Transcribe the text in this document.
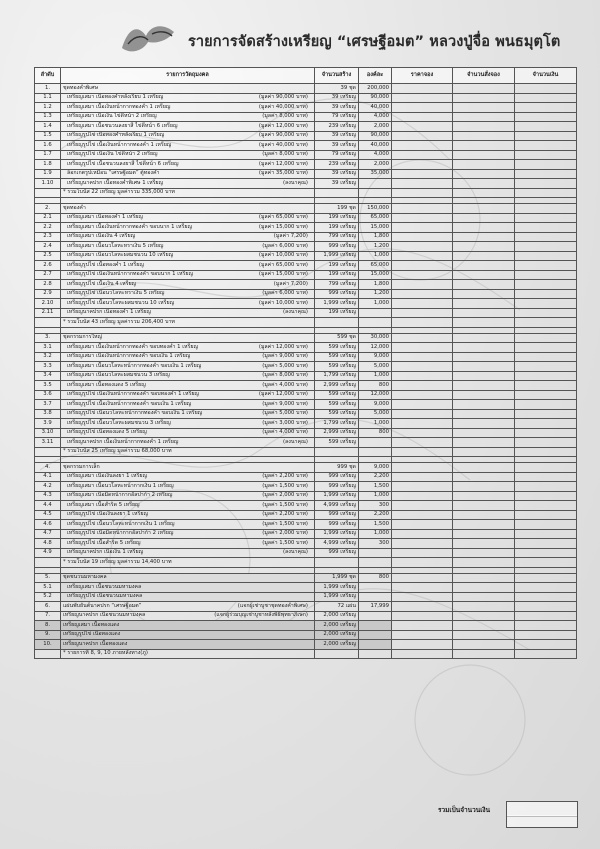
รายการจัดสร้างเหรียญ “เศรษฐีอมต” หลวงปู่จื่อ พนธมุตฺโต
ลำดับ	รายการวัตถุมงคล	จำนวนสร้าง	องค์ละ	ราคาจอง	จำนวนสั่งจอง	จำนวนเงิน
1.	ชุดทองคำพิเศษ	39 ชุด	200,000			
1.1	เหรียญเสมา เนื้อทองคำหลังเรียบ 1 เหรียญ (มูลค่า 90,000 บาท)	39 เหรียญ	90,000			
1.2	เหรียญเสมา เนื้อเงินหน้ากากทองคำ 1 เหรียญ (มูลค่า 40,000 บาท)	39 เหรียญ	40,000			
1.3	เหรียญเสมา เนื้อเงิน ไข่ดีหน้า 2 เหรียญ (มูลค่า 8,000 บาท)	79 เหรียญ	4,000			
1.4	เหรียญเสมา เนื้อชนวนลงยาสี ไข่ดีหน้า 6 เหรียญ (มูลค่า 12,000 บาท)	239 เหรียญ	2,000			
1.5	เหรียญรูปไข่ เนื้อทองคำหลังเรียบ 1 เหรียญ (มูลค่า 90,000 บาท)	39 เหรียญ	90,000			
1.6	เหรียญรูปไข่ เนื้อเงินหน้ากากทองคำ 1 เหรียญ (มูลค่า 40,000 บาท)	39 เหรียญ	40,000			
1.7	เหรียญรูปไข่ เนื้อเงิน ไข่ดีหน้า 2 เหรียญ (มูลค่า 8,000 บาท)	79 เหรียญ	4,000			
1.8	เหรียญรูปไข่ เนื้อชนวนลงยาสี ไข่ดีหน้า 6 เหรียญ (มูลค่า 12,000 บาท)	239 เหรียญ	2,000			
1.9	ล็อกเกตรูปเหมือน “เศรษฐีอมต” ตู้ทองคำ (มูลค่า 35,000 บาท)	39 เหรียญ	35,000			
1.10	เหรียญนาคปรก เนื้อทองคำพิเศษ 1 เหรียญ (ลงนาคุณ)	39 เหรียญ				

	* รวมโบนัส 22 เหรียญ มูลค่ารวม 335,000 บาท					

2.	ชุดทองคำ	199 ชุด	150,000			
2.1	เหรียญเสมา เนื้อทองคำ 1 เหรียญ (มูลค่า 65,000 บาท)	199 เหรียญ	65,000			
2.2	เหรียญเสมา เนื้อเงินหน้ากากทองคำ ขอบนาก 1 เหรียญ (มูลค่า 15,000 บาท)	199 เหรียญ	15,000			
2.3	เหรียญเสมา เนื้อเงิน 4 เหรียญ (มูลค่า 7,200)	799 เหรียญ	1,800			
2.4	เหรียญเสมา เนื้อนวโลหะหราเงิน 5 เหรียญ (มูลค่า 6,000 บาท)	999 เหรียญ	1,200			
2.5	เหรียญเสมา เนื้อนวโลหะผสมชนวน 10 เหรียญ (มูลค่า 10,000 บาท)	1,999 เหรียญ	1,000			
2.6	เหรียญรูปไข่ เนื้อทองคำ 1 เหรียญ (มูลค่า 65,000 บาท)	199 เหรียญ	65,000			
2.7	เหรียญรูปไข่ เนื้อเงินหน้ากากทองคำ ขอบนาก 1 เหรียญ (มูลค่า 15,000 บาท)	199 เหรียญ	15,000			
2.8	เหรียญรูปไข่ เนื้อเงิน 4 เหรียญ (มูลค่า 7,200)	799 เหรียญ	1,800			
2.9	เหรียญรูปไข่ เนื้อนวโลหะหราเงิน 5 เหรียญ (มูลค่า 6,000 บาท)	999 เหรียญ	1,200			
2.10	เหรียญรูปไข่ เนื้อนวโลหะผสมชนวน 10 เหรียญ (มูลค่า 10,000 บาท)	1,999 เหรียญ	1,000			
2.11	เหรียญนาคปรก เนื้อทองคำ 1 เหรียญ (ลงนาคุณ)	199 เหรียญ				

	* รวมโบนัส 43 เหรียญ มูลค่ารวม 206,400 บาท					

3.	ชุดกรรมการใหญ่	599 ชุด	30,000			
3.1	เหรียญเสมา เนื้อเงินหน้ากากทองคำ ขอบทองคำ 1 เหรียญ (มูลค่า 12,000 บาท)	599 เหรียญ	12,000			
3.2	เหรียญเสมา เนื้อเงินหน้ากากทองคำ ขอบเงิน 1 เหรียญ (มูลค่า 9,000 บาท)	599 เหรียญ	9,000			
3.3	เหรียญเสมา เนื้อนวโลหะหน้ากากทองคำ ขอบเงิน 1 เหรียญ (มูลค่า 5,000 บาท)	599 เหรียญ	5,000			
3.4	เหรียญเสมา เนื้อนวโลหะผสมชนวน 3 เหรียญ (มูลค่า 8,000 บาท)	1,799 เหรียญ	1,000			
3.5	เหรียญเสมา เนื้อทองแดง 5 เหรียญ (มูลค่า 4,000 บาท)	2,999 เหรียญ	800			
3.6	เหรียญรูปไข่ เนื้อเงินหน้ากากทองคำ ขอบทองคำ 1 เหรียญ (มูลค่า 12,000 บาท)	599 เหรียญ	12,000			
3.7	เหรียญรูปไข่ เนื้อเงินหน้ากากทองคำ ขอบเงิน 1 เหรียญ (มูลค่า 9,000 บาท)	599 เหรียญ	9,000			
3.8	เหรียญรูปไข่ เนื้อนวโลหะหน้ากากทองคำ ขอบเงิน 1 เหรียญ (มูลค่า 5,000 บาท)	599 เหรียญ	5,000			
3.9	เหรียญรูปไข่ เนื้อนวโลหะผสมชนวน 3 เหรียญ (มูลค่า 3,000 บาท)	1,799 เหรียญ	1,000			
3.10	เหรียญรูปไข่ เนื้อทองแดง 5 เหรียญ (มูลค่า 4,000 บาท)	2,999 เหรียญ	800			
3.11	เหรียญนาคปรก เนื้อเงินหน้ากากทองคำ 1 เหรียญ (ลงนาคุณ)	599 เหรียญ				

	* รวมโบนัส 25 เหรียญ มูลค่ารวม 68,000 บาท					

4.	ชุดกรรมการเล็ก	999 ชุด	9,000			
4.1	เหรียญเสมา เนื้อเงินลงยา 1 เหรียญ (มูลค่า 2,200 บาท)	999 เหรียญ	2,200			
4.2	เหรียญเสมา เนื้อนวโลหะหน้ากากเงิน 1 เหรียญ (มูลค่า 1,500 บาท)	999 เหรียญ	1,500			
4.3	เหรียญเสมา เนื้อมีดหน้ากากอัลปาก้า 2 เหรียญ (มูลค่า 2,000 บาท)	1,999 เหรียญ	1,000			
4.4	เหรียญเสมา เนื้อสำริด 5 เหรียญ (มูลค่า 1,500 บาท)	4,999 เหรียญ	300			
4.5	เหรียญรูปไข่ เนื้อเงินลงยา 1 เหรียญ (มูลค่า 2,200 บาท)	999 เหรียญ	2,200			
4.6	เหรียญรูปไข่ เนื้อนวโลหะหน้ากากเงิน 1 เหรียญ (มูลค่า 1,500 บาท)	999 เหรียญ	1,500			
4.7	เหรียญรูปไข่ เนื้อมีดหน้ากากอัลปาก้า 2 เหรียญ (มูลค่า 2,000 บาท)	1,999 เหรียญ	1,000			
4.8	เหรียญรูปไข่ เนื้อสำริด 5 เหรียญ (มูลค่า 1,500 บาท)	4,999 เหรียญ	300			
4.9	เหรียญนาคปรก เนื้อเงิน 1 เหรียญ (ลงนาคุณ)	999 เหรียญ				

	* รวมโบนัส 19 เหรียญ มูลค่ารวม 14,400 บาท					

5.	ชุดชนวนมหามงคล	1,999 ชุด	800			
5.1	เหรียญเสมา เนื้อชนวนมหามงคล	1,999 เหรียญ				
5.2	เหรียญรูปไข่ เนื้อชนวนมหามงคล	1,999 เหรียญ				
6.	แผ่นพับยันต์นาคปรก “เศรษฐีอมต” (แจกผู้เช่าบูชาชุดทองคำพิเศษ)	72 แผ่น	17,999			
7.	เหรียญนาคปรก เนื้อชนวนมหามงคล (แจกผู้ร่วมบุญเช่าบูชาหลังพิธีพุทธาภิเษก)	2,000 เหรียญ				
8.	เหรียญเสมา เนื้อทองแดง	2,000 เหรียญ				
9.	เหรียญรูปไข่ เนื้อทองแดง	2,000 เหรียญ				
10.	เหรียญนาคปรก เนื้อทองแดง	2,000 เหรียญ				

	* รายการที่ 8, 9, 10 ภายหลังทาง(ภู)					

รวมเป็นจำนวนเงิน
